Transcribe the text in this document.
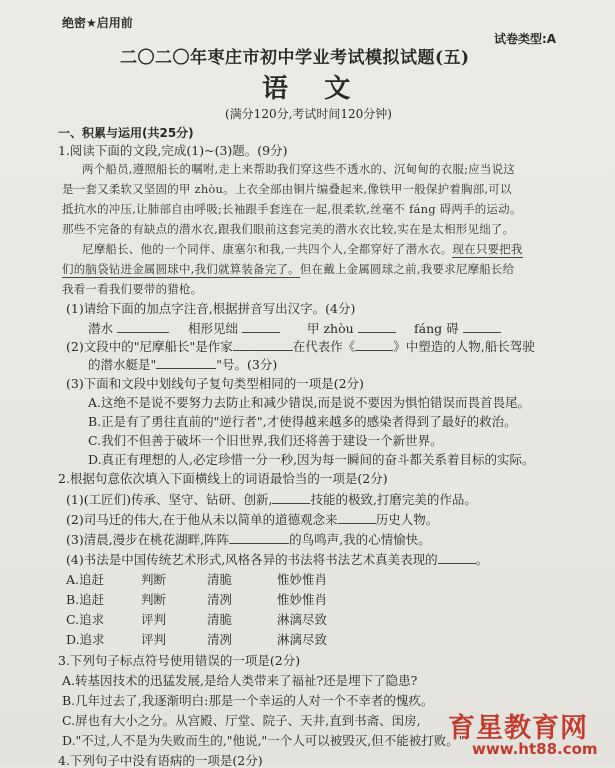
绝密★启用前
试卷类型:A
二〇二〇年枣庄市初中学业考试模拟试题(五)
语    文
(满分120分,考试时间120分钟)
一、积累与运用(共25分)
1.阅读下面的文段,完成(1)~(3)题。(9分)
两个船员,遵照船长的嘱咐,走上来帮助我们穿这些不透水的、沉甸甸的衣服;应当说这
是一套又柔软又坚固的甲 zhòu。上衣全部由铜片编叠起来,像铁甲一般保护着胸部,可以
抵抗水的冲压,让肺部自由呼吸;长袖跟手套连在一起,很柔软,丝毫不 fáng 碍两手的运动。
那些不完备的有缺点的潜水衣,跟我们眼前这套完美的潜水衣比较,实在是太相形见绌了。
尼摩船长、他的一个同伴、康塞尔和我,一共四个人,全都穿好了潜水衣。现在只要把我
们的脑袋钻进金属圆球中,我们就算装备完了。但在戴上金属圆球之前,我要求尼摩船长给
我看一看我们要带的猎枪。
(1)请给下面的加点字注音,根据拼音写出汉字。(4分)
潜水	相形见绌	甲 zhòu	fáng 碍
(2)文段中的"尼摩船长"是作家	在代表作《	》中塑造的人物,船长驾驶
的潜水艇是"	"号。(3分)
(3)下面和文段中划线句子复句类型相同的一项是(2分)
A.这绝不是说不要努力去防止和减少错误,而是说不要因为惧怕错误而畏首畏尾。
B.正是有了勇往直前的"逆行者",才使得越来越多的感染者得到了最好的救治。
C.我们不但善于破坏一个旧世界,我们还将善于建设一个新世界。
D.真正有理想的人,必定珍惜一分一秒,因为每一瞬间的奋斗都关系着目标的实际。
2.根据句意依次填入下面横线上的词语最恰当的一项是(2分)
(1)(工匠们)传承、坚守、钻研、创新,	技能的极致,打磨完美的作品。
(2)司马迁的伟大,在于他从未以简单的道德观念来	历史人物。
(3)清晨,漫步在桃花湖畔,阵阵	的鸟鸣声,我的心情愉快。
(4)书法是中国传统艺术形式,风格各异的书法将书法艺术真美表现的	。
A.追赶	判断	清脆	惟妙惟肖
B.追赶	判断	清冽	惟妙惟肖
C.追求	评判	清脆	淋漓尽致
D.追求	评判	清冽	淋漓尽致
3.下列句子标点符号使用错误的一项是(2分)
A.转基因技术的迅猛发展,是给人类带来了福祉?还是埋下了隐患?
B.几年过去了,我逐渐明白:那是一个幸运的人对一个不幸者的愧疚。
C.屏也有大小之分。从宫殿、厅堂、院子、天井,直到书斋、闺房,
D."不过,人不是为失败而生的,"他说,"一个人可以被毁灭,但不能被打败。"
4.下列句子中没有语病的一项是(2分)
育星教育网
www.ht88.com
